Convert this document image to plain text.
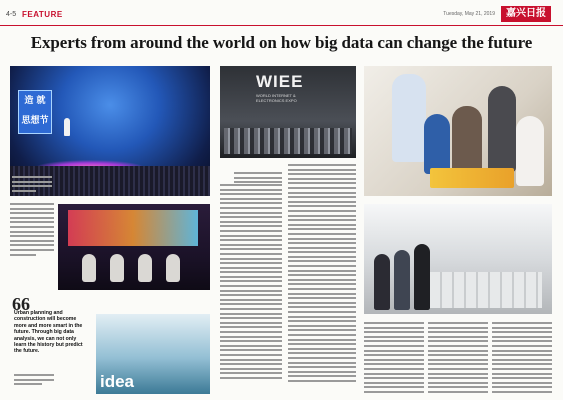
4-5 FEATURE	Tuesday, May 21, 2019	嘉兴日报
Experts from around the world on how big data can change the future
造 就
思想节
66
Urban planning and construction will become more and more smart in the future. Through big data analysis, we can not only learn the history but predict the future.
idea
WIEE
WORLD INTERNET & ELECTRONICS EXPO
